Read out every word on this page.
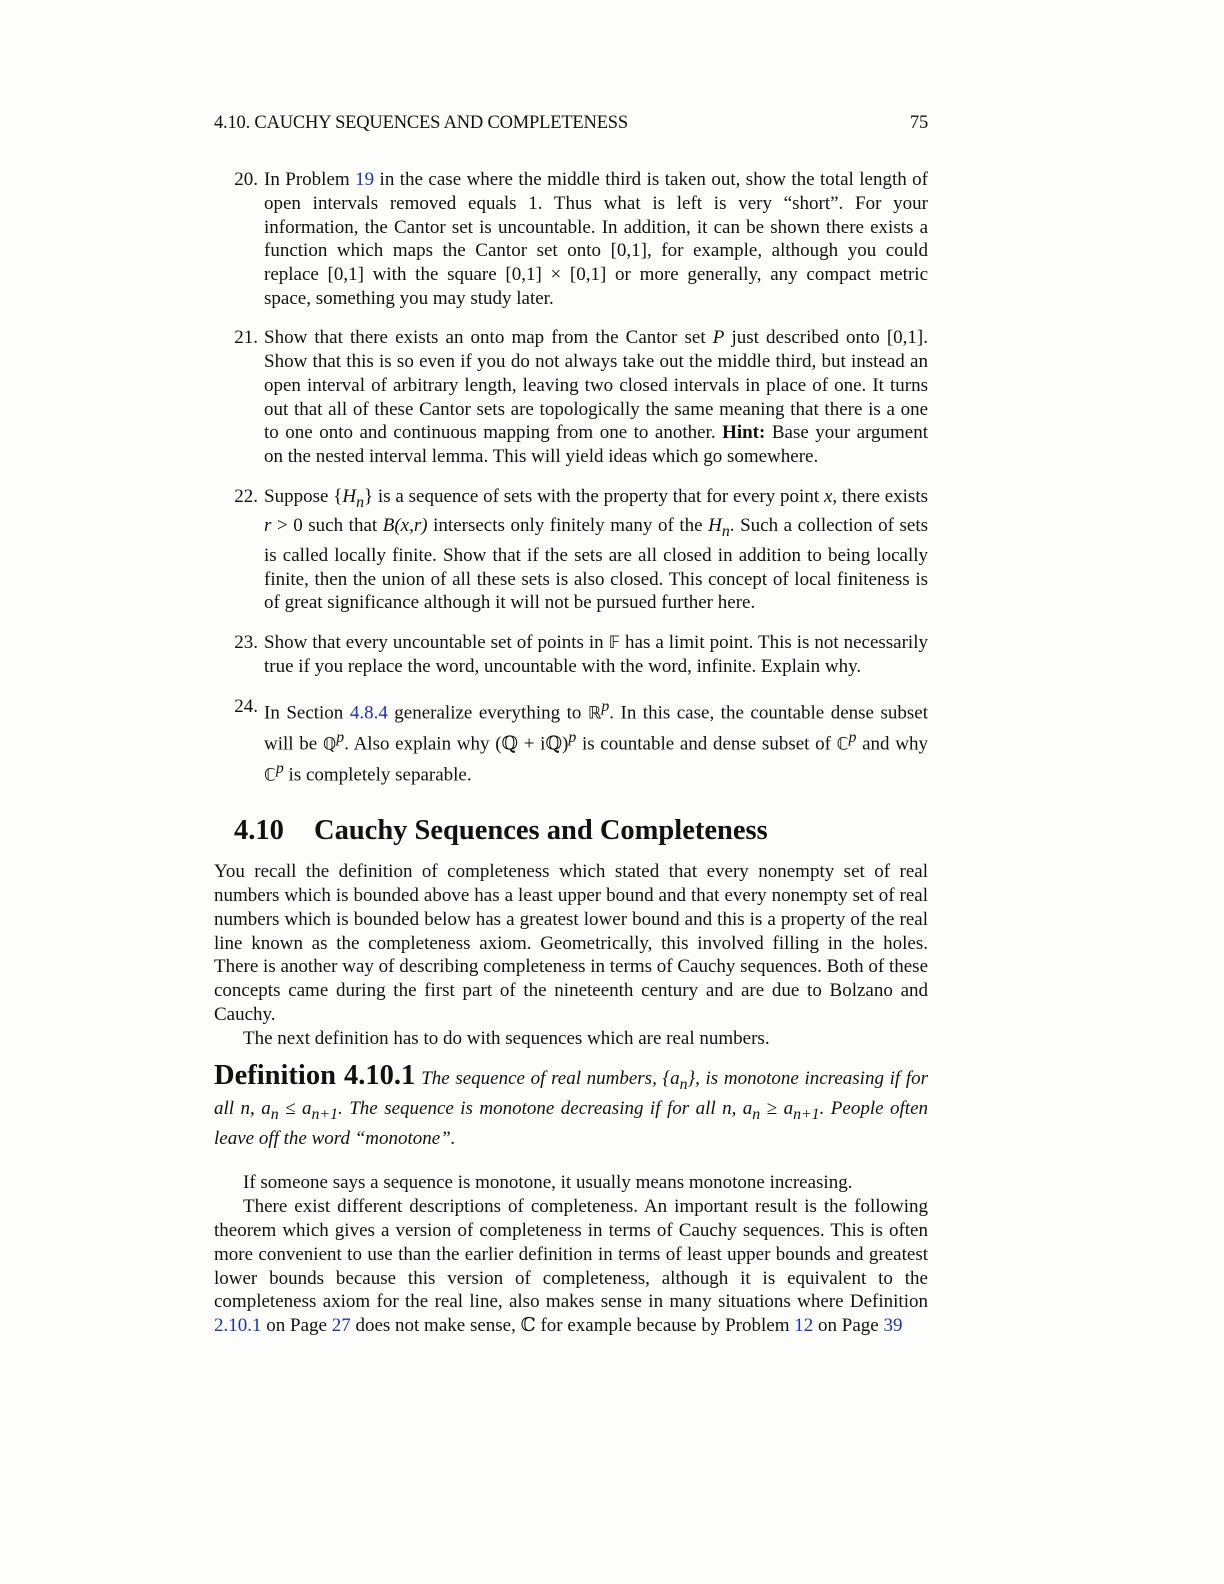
4.10. CAUCHY SEQUENCES AND COMPLETENESS	75
20. In Problem 19 in the case where the middle third is taken out, show the total length of open intervals removed equals 1. Thus what is left is very “short”. For your information, the Cantor set is uncountable. In addition, it can be shown there exists a function which maps the Cantor set onto [0,1], for example, although you could replace [0,1] with the square [0,1] × [0,1] or more generally, any compact metric space, something you may study later.
21. Show that there exists an onto map from the Cantor set P just described onto [0,1]. Show that this is so even if you do not always take out the middle third, but instead an open interval of arbitrary length, leaving two closed intervals in place of one. It turns out that all of these Cantor sets are topologically the same meaning that there is a one to one onto and continuous mapping from one to another. Hint: Base your argument on the nested interval lemma. This will yield ideas which go somewhere.
22. Suppose $\{H_n\}$ is a sequence of sets with the property that for every point x, there exists r > 0 such that B(x,r) intersects only finitely many of the $H_n$. Such a collection of sets is called locally finite. Show that if the sets are all closed in addition to being locally finite, then the union of all these sets is also closed. This concept of local finiteness is of great significance although it will not be pursued further here.
23. Show that every uncountable set of points in 𝔽 has a limit point. This is not necessarily true if you replace the word, uncountable with the word, infinite. Explain why.
24. In Section 4.8.4 generalize everything to ℝ$^p$. In this case, the countable dense subset will be ℚ$^p$. Also explain why (ℚ + iℚ)$^p$ is countable and dense subset of ℂ$^p$ and why ℂ$^p$ is completely separable.
4.10 Cauchy Sequences and Completeness

You recall the definition of completeness which stated that every nonempty set of real numbers which is bounded above has a least upper bound and that every nonempty set of real numbers which is bounded below has a greatest lower bound and this is a property of the real line known as the completeness axiom. Geometrically, this involved filling in the holes. There is another way of describing completeness in terms of Cauchy sequences. Both of these concepts came during the first part of the nineteenth century and are due to Bolzano and Cauchy.

The next definition has to do with sequences which are real numbers.

Definition 4.10.1 The sequence of real numbers, $\{a_n\}$, is monotone increasing if for all n, $a_n \le a_{n+1}$. The sequence is monotone decreasing if for all n, $a_n \ge a_{n+1}$. People often leave off the word “monotone”.

If someone says a sequence is monotone, it usually means monotone increasing.

There exist different descriptions of completeness. An important result is the following theorem which gives a version of completeness in terms of Cauchy sequences. This is often more convenient to use than the earlier definition in terms of least upper bounds and greatest lower bounds because this version of completeness, although it is equivalent to the completeness axiom for the real line, also makes sense in many situations where Definition 2.10.1 on Page 27 does not make sense, ℂ for example because by Problem 12 on Page 39
